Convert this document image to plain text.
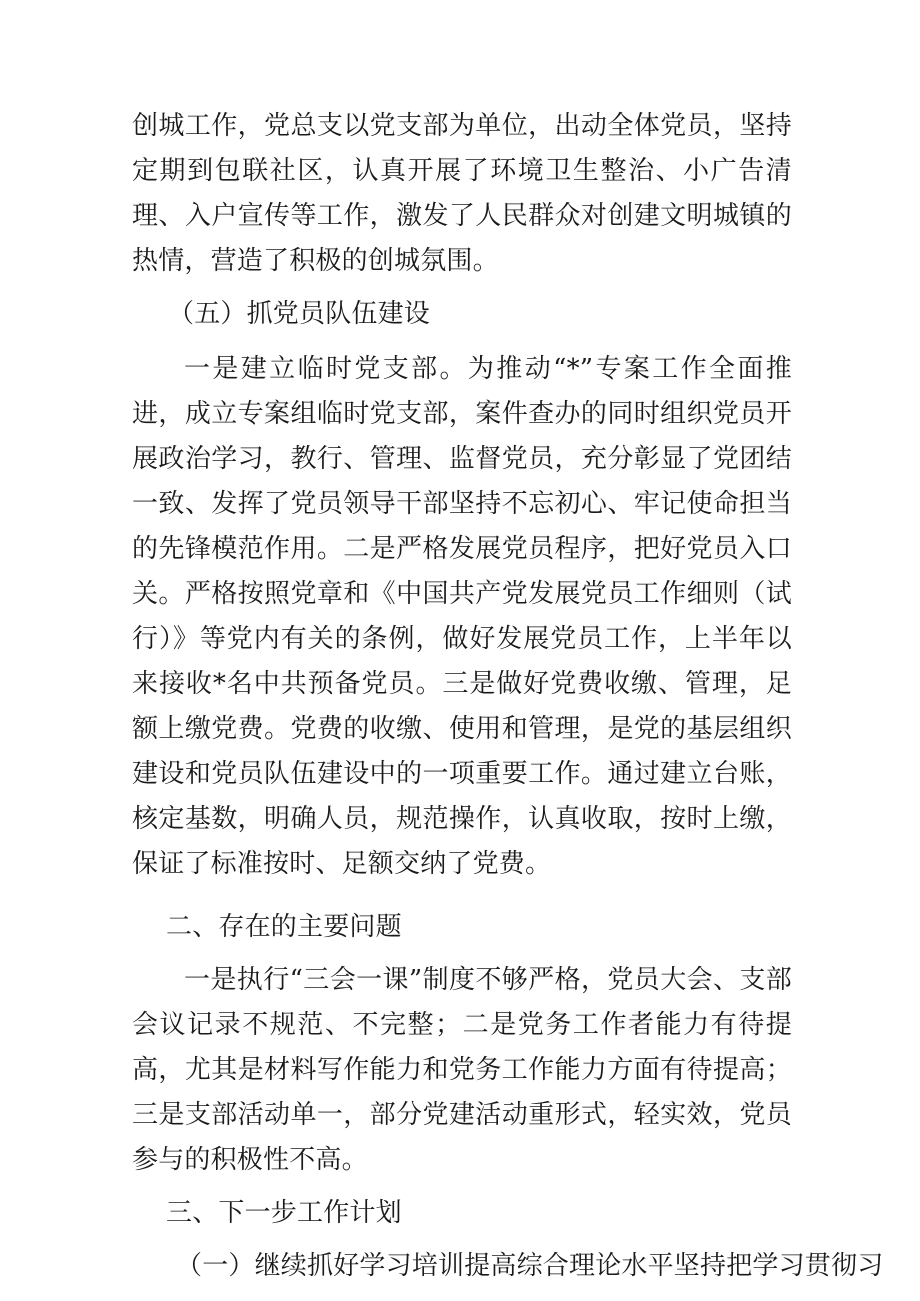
创城工作，党总支以党支部为单位，出动全体党员，坚持定期到包联社区，认真开展了环境卫生整治、小广告清理、入户宣传等工作，激发了人民群众对创建文明城镇的热情，营造了积极的创城氛围。

（五）抓党员队伍建设

一是建立临时党支部。为推动“*”专案工作全面推进，成立专案组临时党支部，案件查办的同时组织党员开展政治学习，教行、管理、监督党员，充分彰显了党团结一致、发挥了党员领导干部坚持不忘初心、牢记使命担当的先锋模范作用。二是严格发展党员程序，把好党员入口关。严格按照党章和《中国共产党发展党员工作细则（试行）》等党内有关的条例，做好发展党员工作，上半年以来接收*名中共预备党员。三是做好党费收缴、管理，足额上缴党费。党费的收缴、使用和管理，是党的基层组织建设和党员队伍建设中的一项重要工作。通过建立台账，核定基数，明确人员，规范操作，认真收取，按时上缴，保证了标准按时、足额交纳了党费。

二、存在的主要问题

一是执行“三会一课”制度不够严格，党员大会、支部会议记录不规范、不完整；二是党务工作者能力有待提高，尤其是材料写作能力和党务工作能力方面有待提高；三是支部活动单一，部分党建活动重形式，轻实效，党员参与的积极性不高。

三、下一步工作计划

（一）继续抓好学习培训提高综合理论水平坚持把学习贯彻习
